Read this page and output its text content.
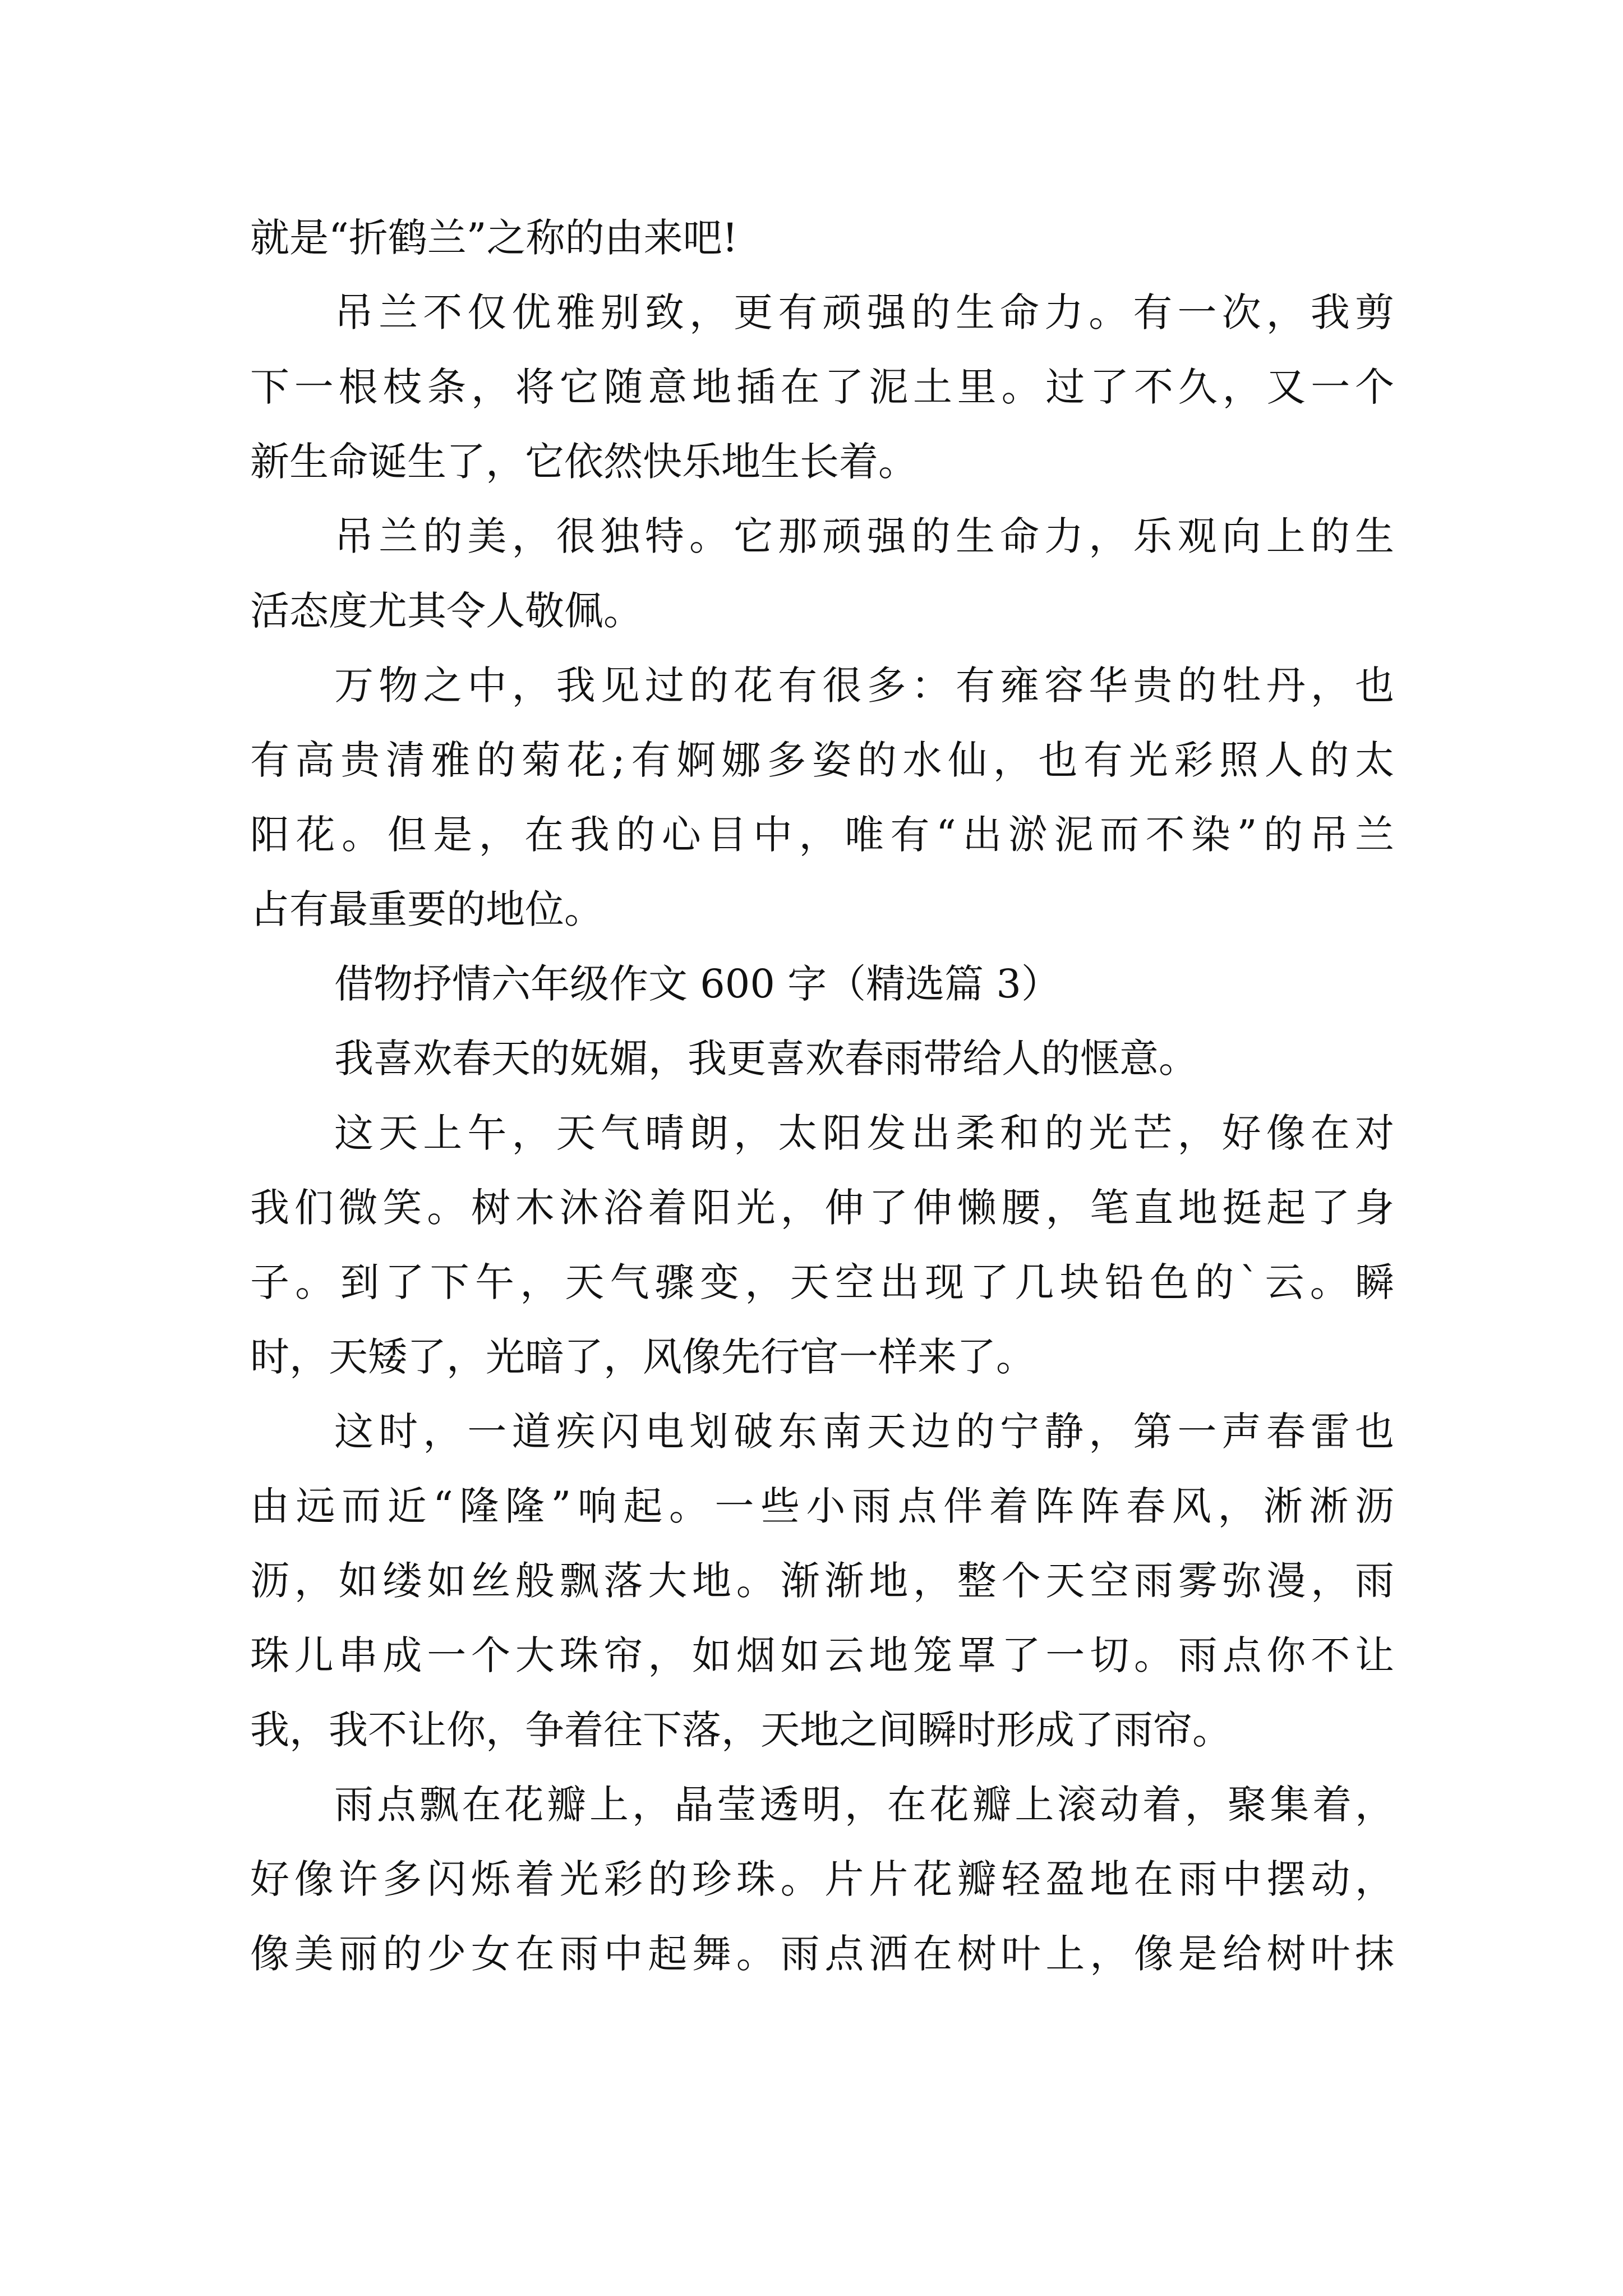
就是“折鹤兰”之称的由来吧!
吊兰不仅优雅别致，更有顽强的生命力。有一次，我剪
下一根枝条，将它随意地插在了泥土里。过了不久，又一个
新生命诞生了，它依然快乐地生长着。
吊兰的美，很独特。它那顽强的生命力，乐观向上的生
活态度尤其令人敬佩。
万物之中，我见过的花有很多：有雍容华贵的牡丹，也
有高贵清雅的菊花;有婀娜多姿的水仙，也有光彩照人的太
阳花。但是，在我的心目中，唯有“出淤泥而不染”的吊兰
占有最重要的地位。
借物抒情六年级作文 600 字（精选篇 3）
我喜欢春天的妩媚，我更喜欢春雨带给人的惬意。
这天上午，天气晴朗，太阳发出柔和的光芒，好像在对
我们微笑。树木沐浴着阳光，伸了伸懒腰，笔直地挺起了身
子。到了下午，天气骤变，天空出现了几块铅色的`云。瞬
时，天矮了，光暗了，风像先行官一样来了。
这时，一道疾闪电划破东南天边的宁静，第一声春雷也
由远而近“隆隆”响起。一些小雨点伴着阵阵春风，淅淅沥
沥，如缕如丝般飘落大地。渐渐地，整个天空雨雾弥漫，雨
珠儿串成一个大珠帘，如烟如云地笼罩了一切。雨点你不让
我，我不让你，争着往下落，天地之间瞬时形成了雨帘。
雨点飘在花瓣上，晶莹透明，在花瓣上滚动着，聚集着，
好像许多闪烁着光彩的珍珠。片片花瓣轻盈地在雨中摆动，
像美丽的少女在雨中起舞。雨点洒在树叶上，像是给树叶抹
